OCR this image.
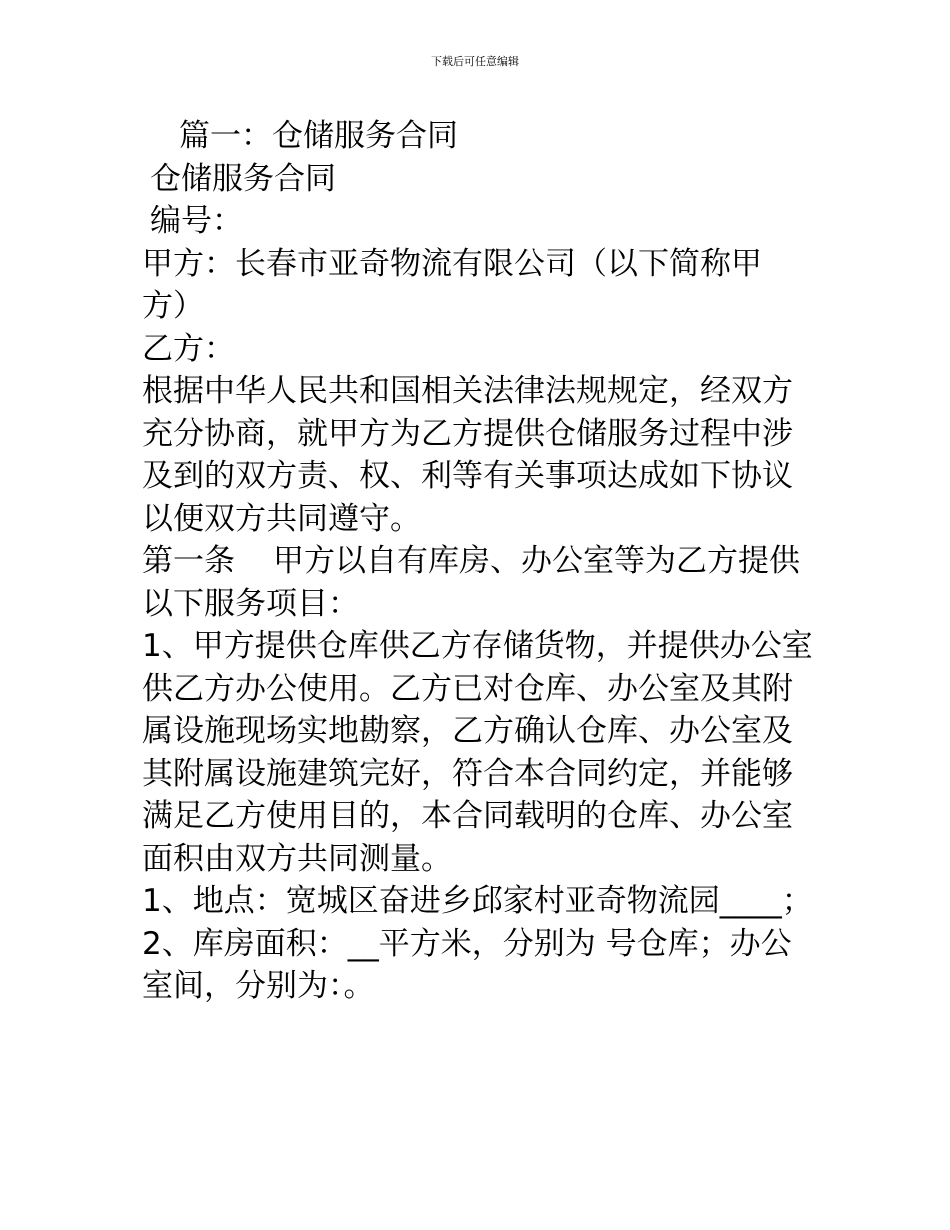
下载后可任意编辑
篇一：仓储服务合同
仓储服务合同
编号：
甲方：长春市亚奇物流有限公司（以下简称甲
方）
乙方：
根据中华人民共和国相关法律法规规定，经双方
充分协商，就甲方为乙方提供仓储服务过程中涉
及到的双方责、权、利等有关事项达成如下协议
以便双方共同遵守。
第一条 甲方以自有库房、办公室等为乙方提供
以下服务项目：
1、甲方提供仓库供乙方存储货物，并提供办公室
供乙方办公使用。乙方已对仓库、办公室及其附
属设施现场实地勘察，乙方确认仓库、办公室及
其附属设施建筑完好，符合本合同约定，并能够
满足乙方使用目的，本合同载明的仓库、办公室
面积由双方共同测量。
1、地点：宽城区奋进乡邱家村亚奇物流园____；
2、库房面积：__平方米，分别为 号仓库；办公
室间，分别为：。
